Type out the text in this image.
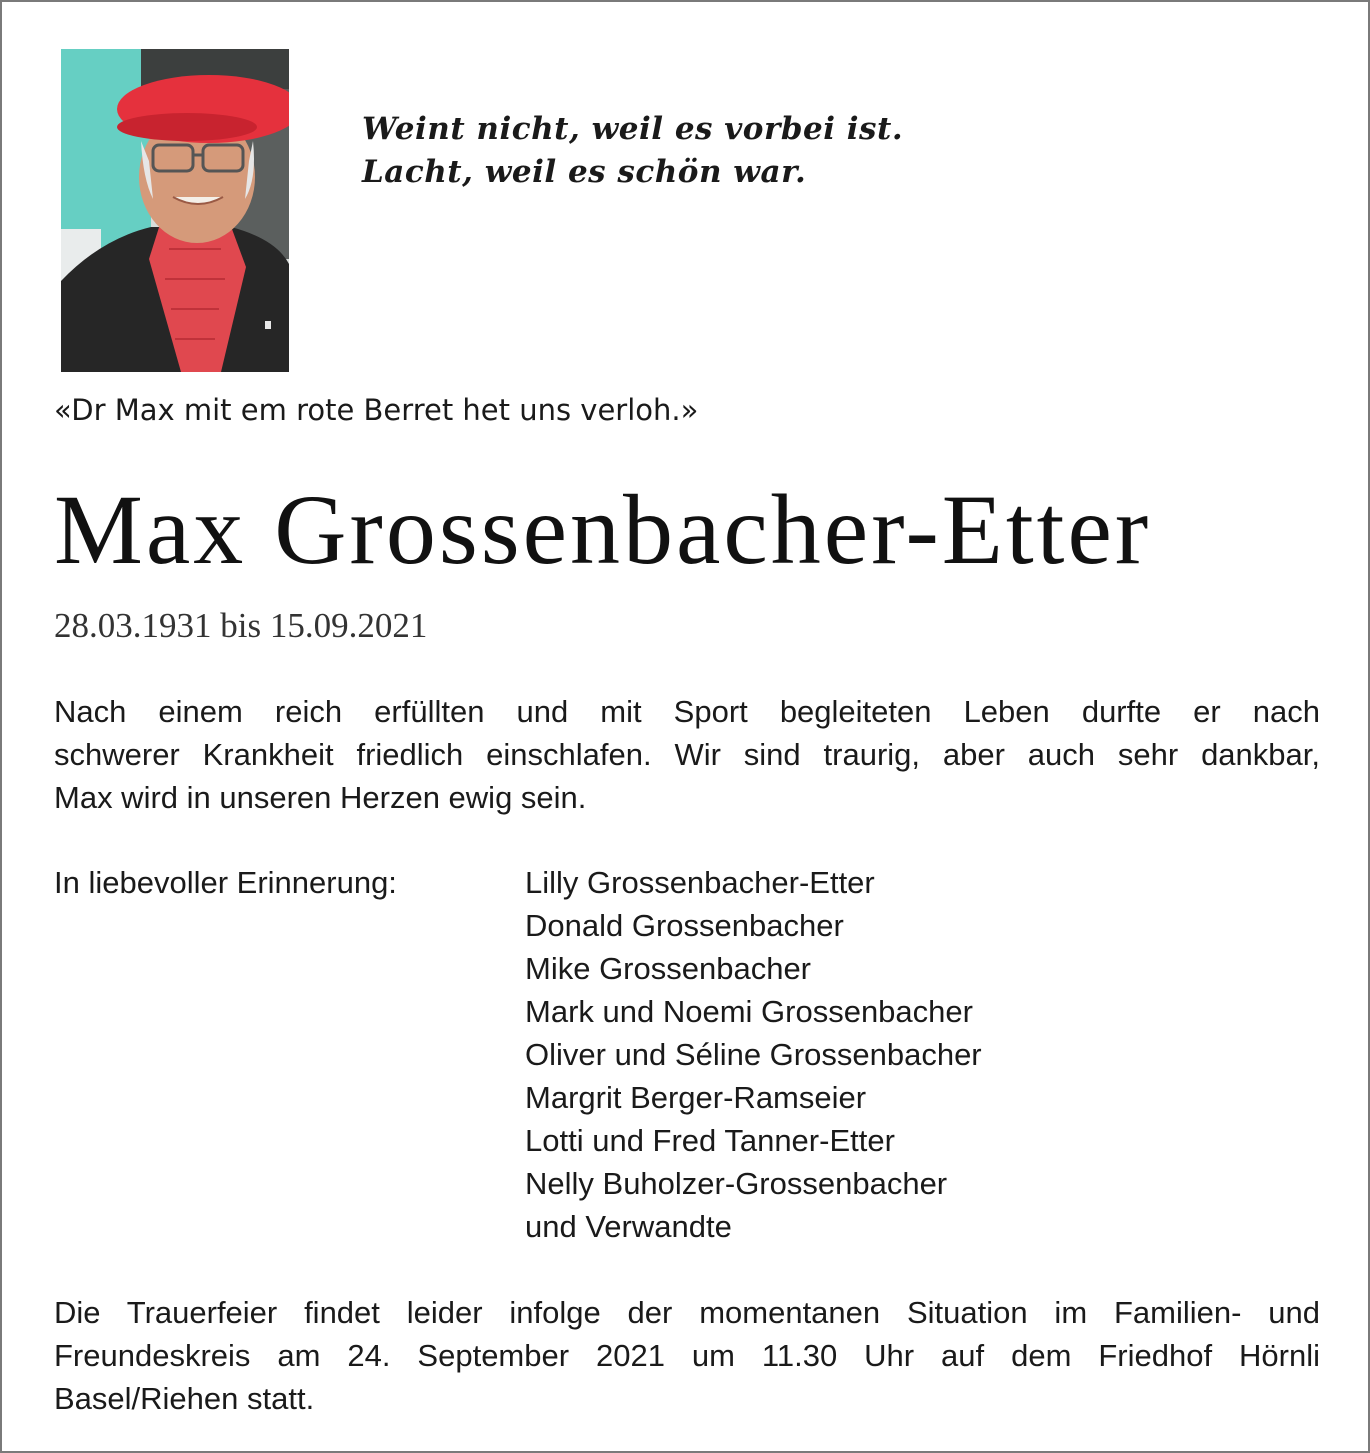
Weint nicht, weil es vorbei ist.
Lacht, weil es schön war.
«Dr Max mit em rote Berret het uns verloh.»
Max Grossenbacher-Etter
28.03.1931 bis 15.09.2021
Nach einem reich erfüllten und mit Sport begleiteten Leben durfte er nach
schwerer Krankheit friedlich einschlafen. Wir sind traurig, aber auch sehr dankbar,
Max wird in unseren Herzen ewig sein.
In liebevoller Erinnerung:	Lilly Grossenbacher-Etter
Donald Grossenbacher
Mike Grossenbacher
Mark und Noemi Grossenbacher
Oliver und Séline Grossenbacher
Margrit Berger-Ramseier
Lotti und Fred Tanner-Etter
Nelly Buholzer-Grossenbacher
und Verwandte
Die Trauerfeier findet leider infolge der momentanen Situation im Familien- und
Freundeskreis am 24. September 2021 um 11.30 Uhr auf dem Friedhof Hörnli
Basel/Riehen statt.
